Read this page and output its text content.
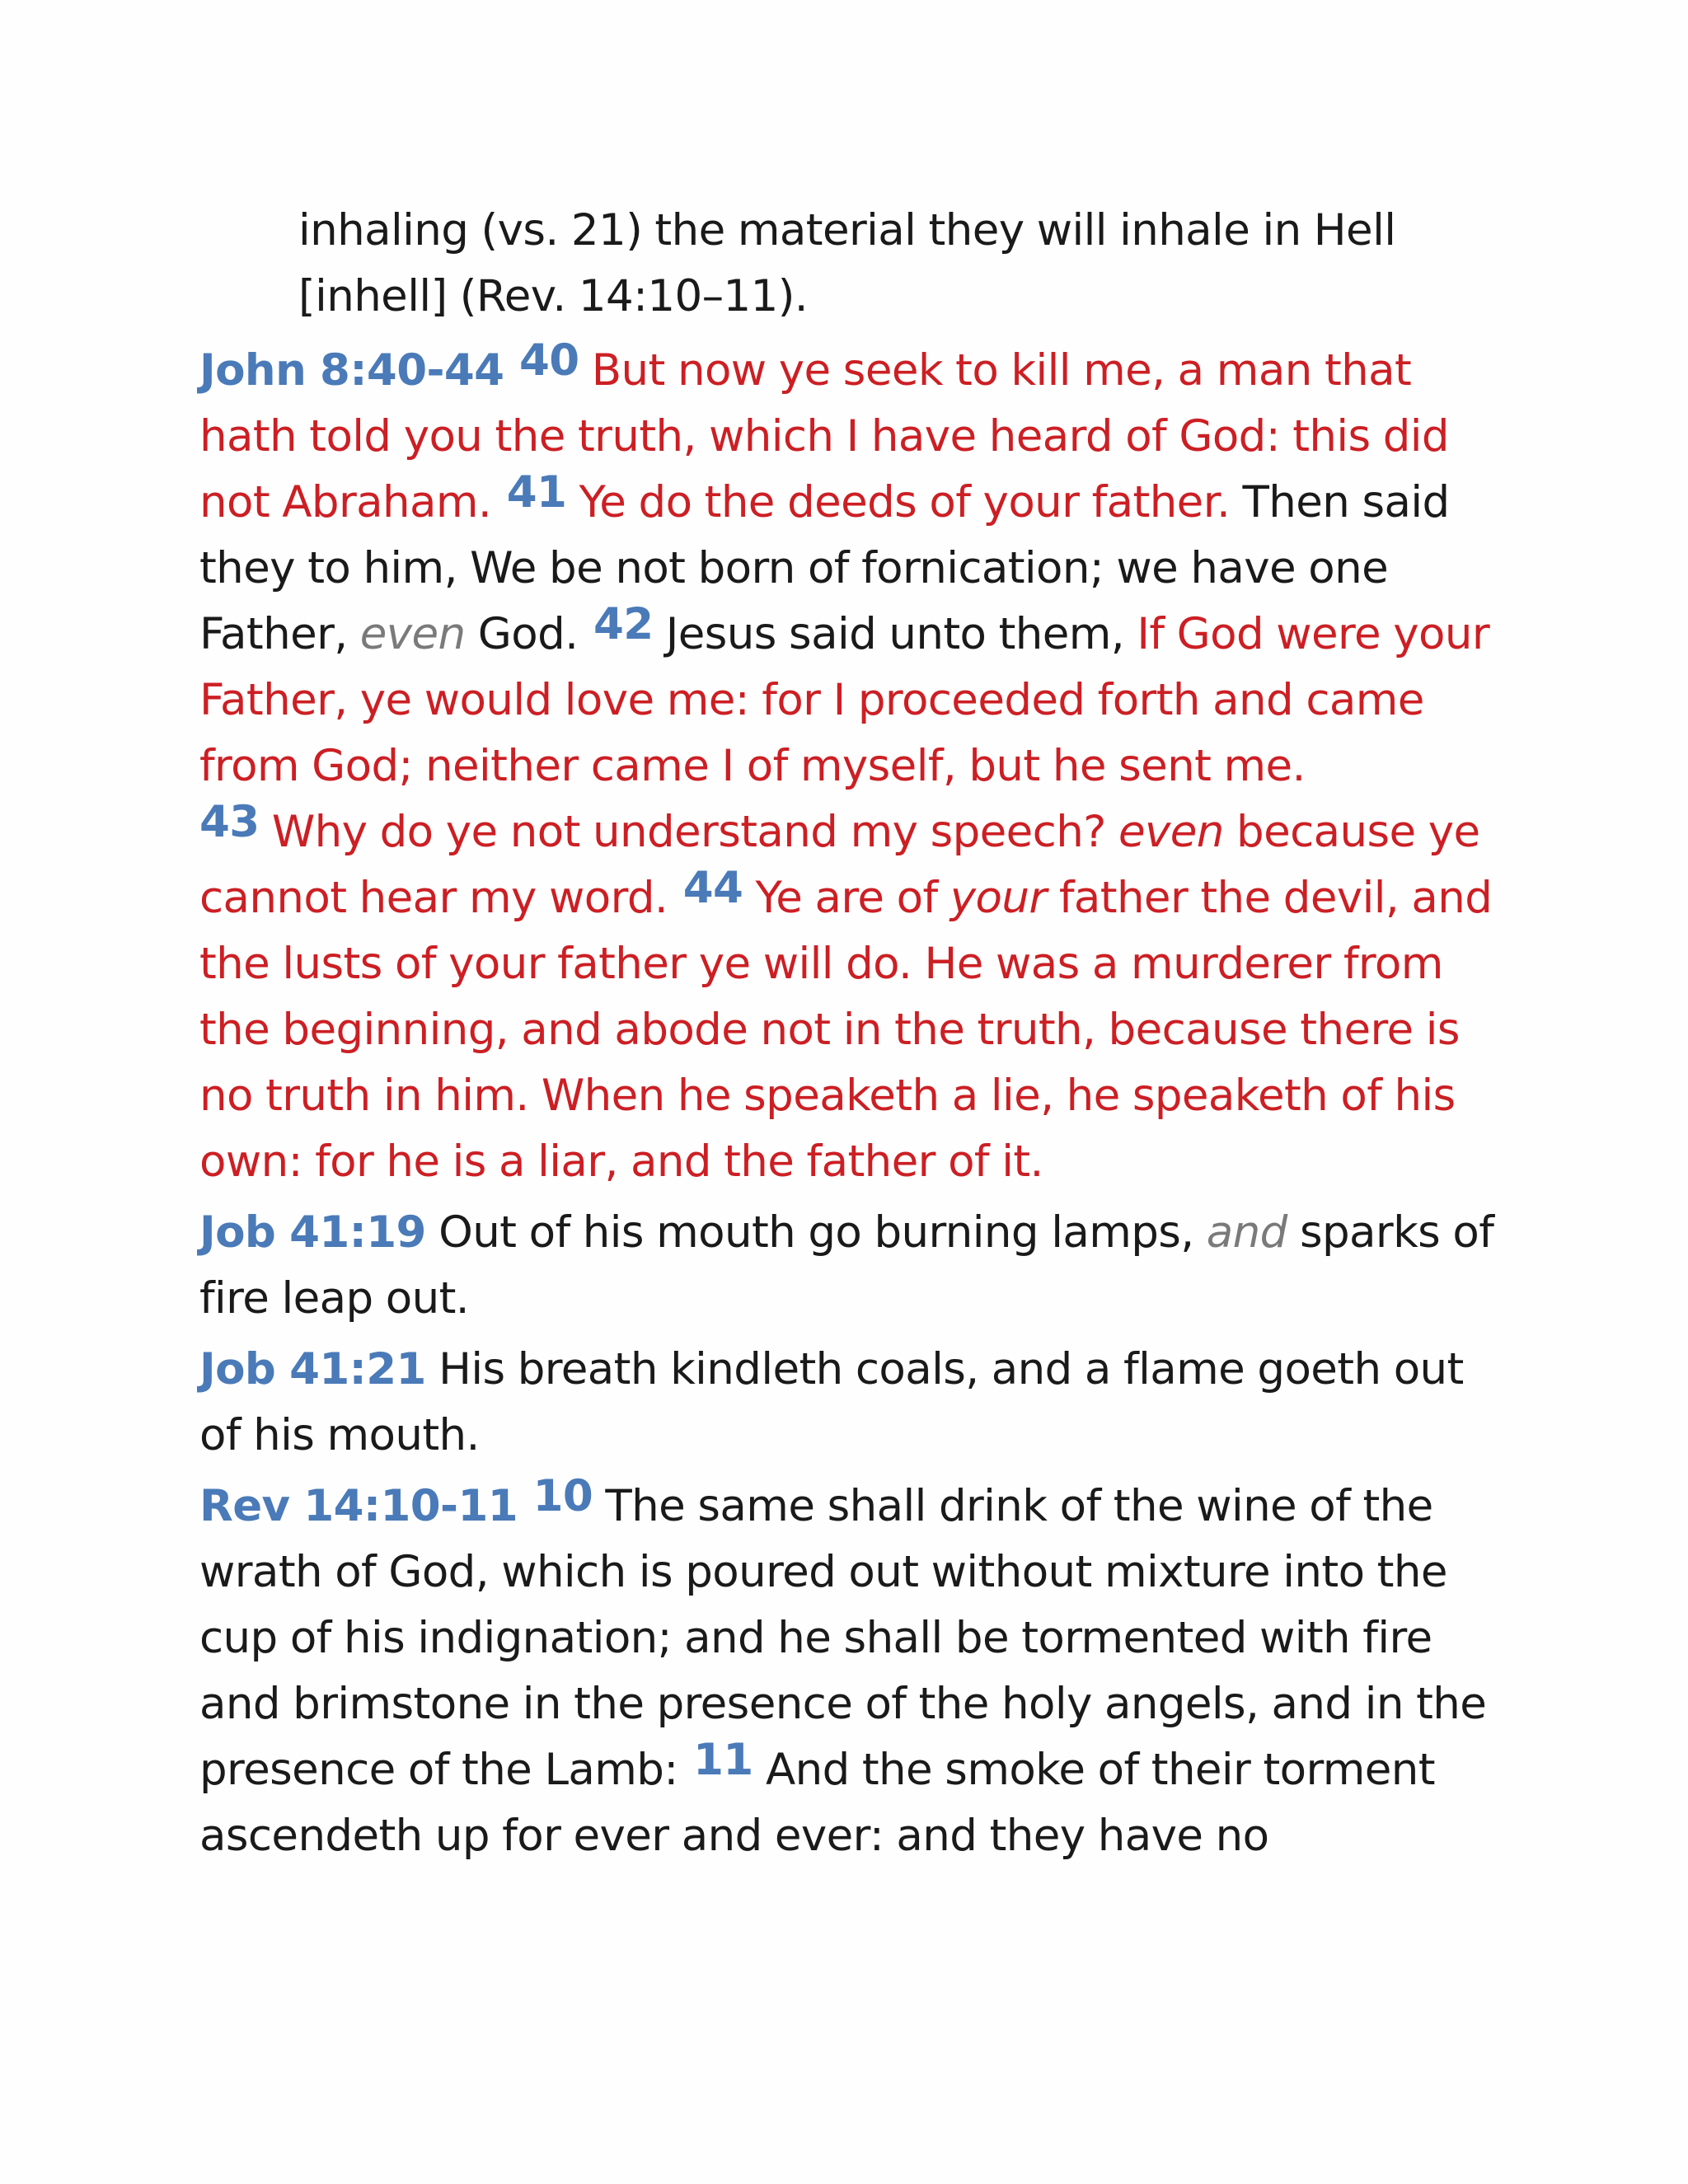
inhaling (vs. 21) the material they will inhale in Hell [inhell] (Rev. 14:10–11).

John 8:40-44 40 But now ye seek to kill me, a man that hath told you the truth, which I have heard of God: this did not Abraham. 41 Ye do the deeds of your father. Then said they to him, We be not born of fornication; we have one Father, even God. 42 Jesus said unto them, If God were your Father, ye would love me: for I proceeded forth and came from God; neither came I of myself, but he sent me.
43 Why do ye not understand my speech? even because ye cannot hear my word. 44 Ye are of your father the devil, and the lusts of your father ye will do. He was a murderer from the beginning, and abode not in the truth, because there is no truth in him. When he speaketh a lie, he speaketh of his own: for he is a liar, and the father of it.

Job 41:19 Out of his mouth go burning lamps, and sparks of fire leap out.

Job 41:21 His breath kindleth coals, and a flame goeth out of his mouth.

Rev 14:10-11 10 The same shall drink of the wine of the wrath of God, which is poured out without mixture into the cup of his indignation; and he shall be tormented with fire and brimstone in the presence of the holy angels, and in the presence of the Lamb: 11 And the smoke of their torment ascendeth up for ever and ever: and they have no
